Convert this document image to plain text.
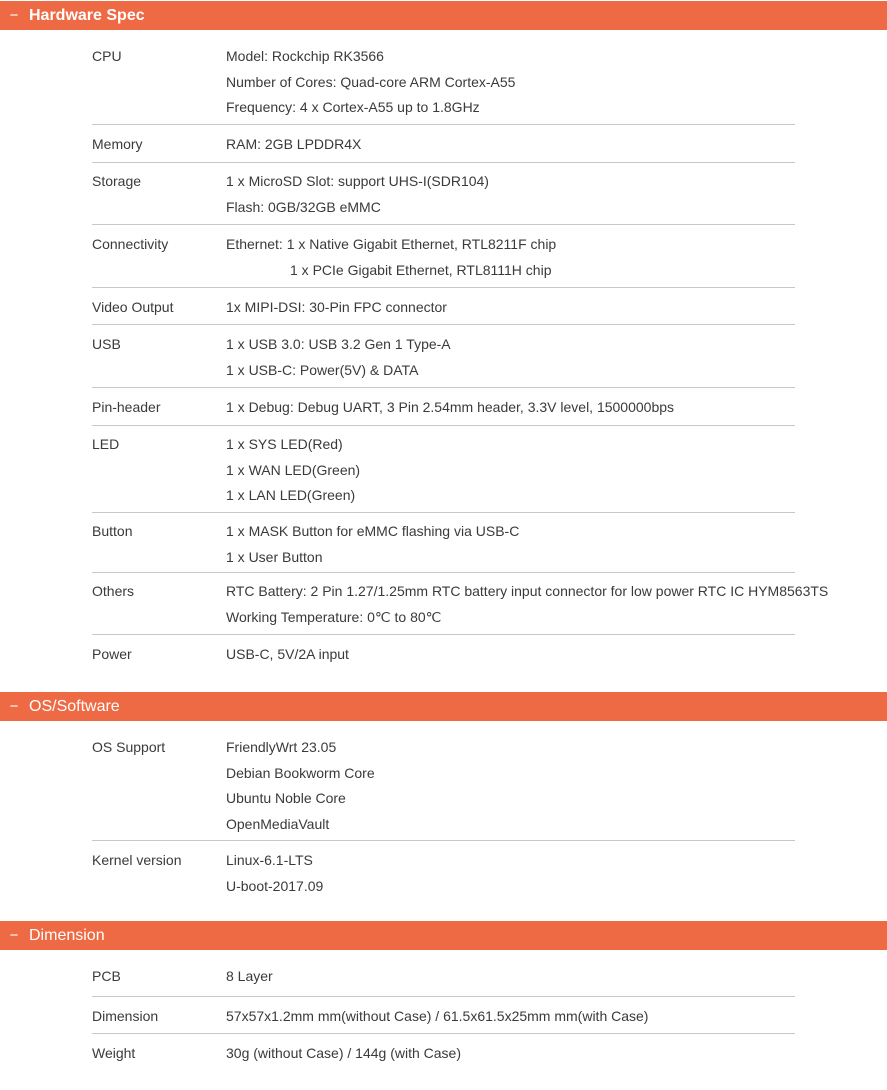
− Hardware Spec
CPU	Model: Rockchip RK3566
Number of Cores: Quad-core ARM Cortex-A55
Frequency: 4 x Cortex-A55 up to 1.8GHz
Memory	RAM: 2GB LPDDR4X
Storage	1 x MicroSD Slot: support UHS-I(SDR104)
Flash: 0GB/32GB eMMC
Connectivity	Ethernet: 1 x Native Gigabit Ethernet, RTL8211F chip
1 x PCIe Gigabit Ethernet, RTL8111H chip
Video Output	1x MIPI-DSI: 30-Pin FPC connector
USB	1 x USB 3.0: USB 3.2 Gen 1 Type-A
1 x USB-C: Power(5V) & DATA
Pin-header	1 x Debug: Debug UART, 3 Pin 2.54mm header, 3.3V level, 1500000bps
LED	1 x SYS LED(Red)
1 x WAN LED(Green)
1 x LAN LED(Green)
Button	1 x MASK Button for eMMC flashing via USB-C
1 x User Button
Others	RTC Battery: 2 Pin 1.27/1.25mm RTC battery input connector for low power RTC IC HYM8563TS
Working Temperature: 0℃ to 80℃
Power	USB-C, 5V/2A input
− OS/Software
OS Support	FriendlyWrt 23.05
Debian Bookworm Core
Ubuntu Noble Core
OpenMediaVault
Kernel version	Linux-6.1-LTS
U-boot-2017.09
− Dimension
PCB	8 Layer
Dimension	57x57x1.2mm mm(without Case) / 61.5x61.5x25mm mm(with Case)
Weight	30g (without Case) / 144g (with Case)
